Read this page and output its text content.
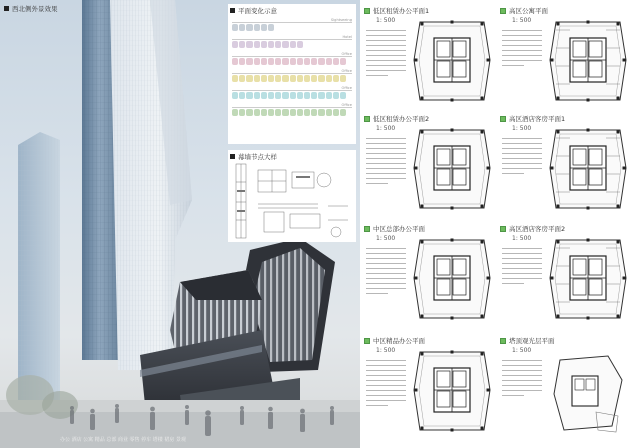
西北侧外景效果	平面变化示意
Sightseeing
Hotel
Office
Office
Office
Office
幕墙节点大样
办公 酒店 公寓 精品 总部 商业 零售 停车 塔楼 裙房 景观
低区租赁办公平面1
1: 500
高区公寓平面
1: 500
低区租赁办公平面2
1: 500
高区酒店客房平面1
1: 500
中区总部办公平面
1: 500
高区酒店客房平面2
1: 500
中区精品办公平面
1: 500
塔顶观光层平面
1: 500
